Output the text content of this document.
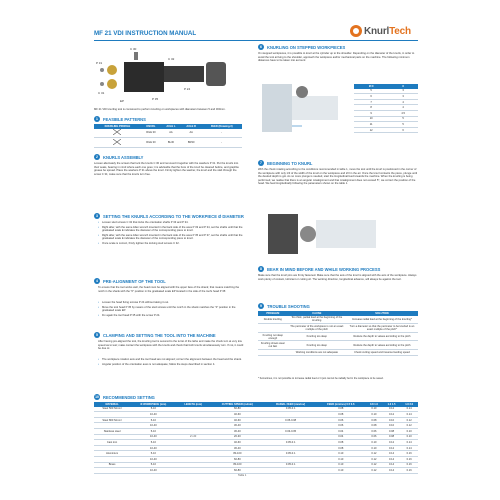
MF 21 VDI INSTRUCTION MANUAL	KnurlTech
C 30
P 31
C 31
C 32
P 35
P 24
EP
MF 21 VDI knurling tool is conceived to perform knurling on workpieces with diameters between 5 and 300mm.
1	FEASIBLE PATTERNS
KNURLING PROFILE	KNURL	AXLE L	AXLE R	FEED (Drawing.3)
	RGE 30	AA	AA	-
	RGE 30	BL30	BR30	-
2	KNURLS ASSEMBLY
Loosen alternately the screws that lock the knurls C 30 and removed it together with the washers P 31. Put the knurls into their seats, bearing in mind where each one goes; it is advisable that the bore of the knurl be cleaned before, and graphite grease be spread. Place the washers P 31 above the knurl. Firmly tighten the washer, the knurl and the slab through the screw C 31; make sure that the knurls turn free.
3	SETTING THE KNURLS ACCORDING TO THE WORKPIECE Ø DIAMETER
• Loosen stud screws C 32 that locks the orientation shafts P 33 and P 34.
• Right after, with the same Allen wrench inserted in the back side of the axes P 33 and P 34, set the shafts until that the graduated scale E indicates the diameter of the corresponding piece to knurl.
• Right after, with the same Allen wrench inserted in the back side of the axes P 35 and P 37, set the shafts until that the graduated scale E indicates the diameter of the corresponding piece to knurl.
• Once scale is correct, firmly tighten the locking stud screws C 32.
4	PRE-ALIGNMENT OF THE TOOL
To ensure that the tool works well, the head must be aligned with the upper face of the shank; that means matching the notch in the shank with the "0" position in the graduated scale EP located in the side of the tool's head P 35:
• Loosen the head fixing screws P 24 without taking it out.
• Move the tool head P 35 by means of the stud screws until the notch in the shank matches the "0" position in the graduated scale EP.
• Fix again the tool head P 35 with the screw P 24.
5	CLAMPING AND SETTING THE TOOL INTO THE MACHINE
After having pre-aligned the tool, the knurling tool is secured to the turret of the lathe and make the chuck turn at very low speed as to test; make contact the workpiece with the knurls and check that both knurls simultaneously turn. If not, it could be due to:
• The workpiece rotation axis and the tool head are not aligned; correct the alignment between the head and the shank.
• Angular position of the orientation axes is not adequate; follow the steps described in section 4.
6	KNURLING ON STEPPED WORKPIECES
On stepped workpieces, it is possible to knurl at the cylinder up to the shoulder. Depending on the diameter of the knurls, in order to avoid the tool arriving to the shoulder, approach the workpiece and/or mechanical parts on the machine. The following minimum distances have to be taken into account:
Ø D	X
5	3
6	3
7	4
8	4
9	4.5
10	5
11	5
12	6
7	BEGINNING TO KNURL
With the chuck rotating according to the conditions recommended in table 1, move the tool until the knurl is positioned in the corner of the workpiece with only 1/3 of the width of the knurl on the workpiece and 2/3 in the air. Once the knurl contacts the piece, plunge until the desired depth is got. As no more plunge is needed, start the longitudinal feed towards the machine. When the knurling is being performed, we realise that there is an angular misalignment and that misalignment does not exceed 5°, we correct the position of the head. We feed longitudinally following the parameters shown on the table 1.
8	BEAR IN MIND BEFORE AND WHILE WORKING PROCESS
Make sure that the knurl pins are firmly fastened. Make sure that the axis of the knurl is aligned with the axis of the workpiece. Always work plenty of coolant, lubricant or cutting oil. The working direction, longitudinal advance, will always be against the tool.
9	TROUBLE SHOOTING
PROBLEM	CAUSE	SOLUTION
Double knurling	Too thick, partial feed at the beginning of the knurling	Increase radial feed at the beginning of the knurling*
	The perimeter of the workpiece is not an exact multiple of the pitch	Turn a diameter so that the perimeter to be knurled is an exact multiple of the pitch*
Knurling not deep enough	Knurling too deep	Reduce the depth to values according to the pitch
Knurling shows wear out fast	Knurling too deep	Reduce the depth to values according to the pitch
	Working conditions are not adequate	Check cutting speed and traverse feeding speed
* Sometimes, it is not possible to increase radial feed or it just cannot be radially fed in the workpiece to be saved.
10 RECOMMENDED SETTING
MATERIAL	Ø WORKPIECE (mm)	LENGTH (mm)	CUTTING SPEED (m/min)	RADIAL FEED (mm/rev)	FEED (mm/rev) 0.5 0.6	0.8 1.0	1.2 1.5	1.6 2.0
Steel 500 N/mm²	5-10		60-80	0.05-0.1	0.08	0.10	0.12	0.14
	10-40		40-60		0.08	0.10	0.12	0.14
Steel 800 N/mm²	5-10		40-60	0.05-0.08	0.06	0.08	0.10	0.12
	10-40		30-40		0.06	0.08	0.10	0.12
Stainless steel	5-10		30-40	0.03-0.05	0.04	0.06	0.08	0.10
	10-40	2 x D	20-30		0.04	0.06	0.08	0.10
Cast iron	5-10		40-60	0.05-0.1	0.08	0.10	0.12	0.14
	10-40		30-40		0.08	0.10	0.12	0.14
Aluminium	5-10		80-100	0.05-0.1	0.10	0.12	0.14	0.16
	10-40		60-80		0.10	0.12	0.14	0.16
Brass	5-10		80-100	0.05-0.1	0.10	0.12	0.14	0.16
	10-40		60-80		0.10	0.12	0.14	0.16
Table 1
